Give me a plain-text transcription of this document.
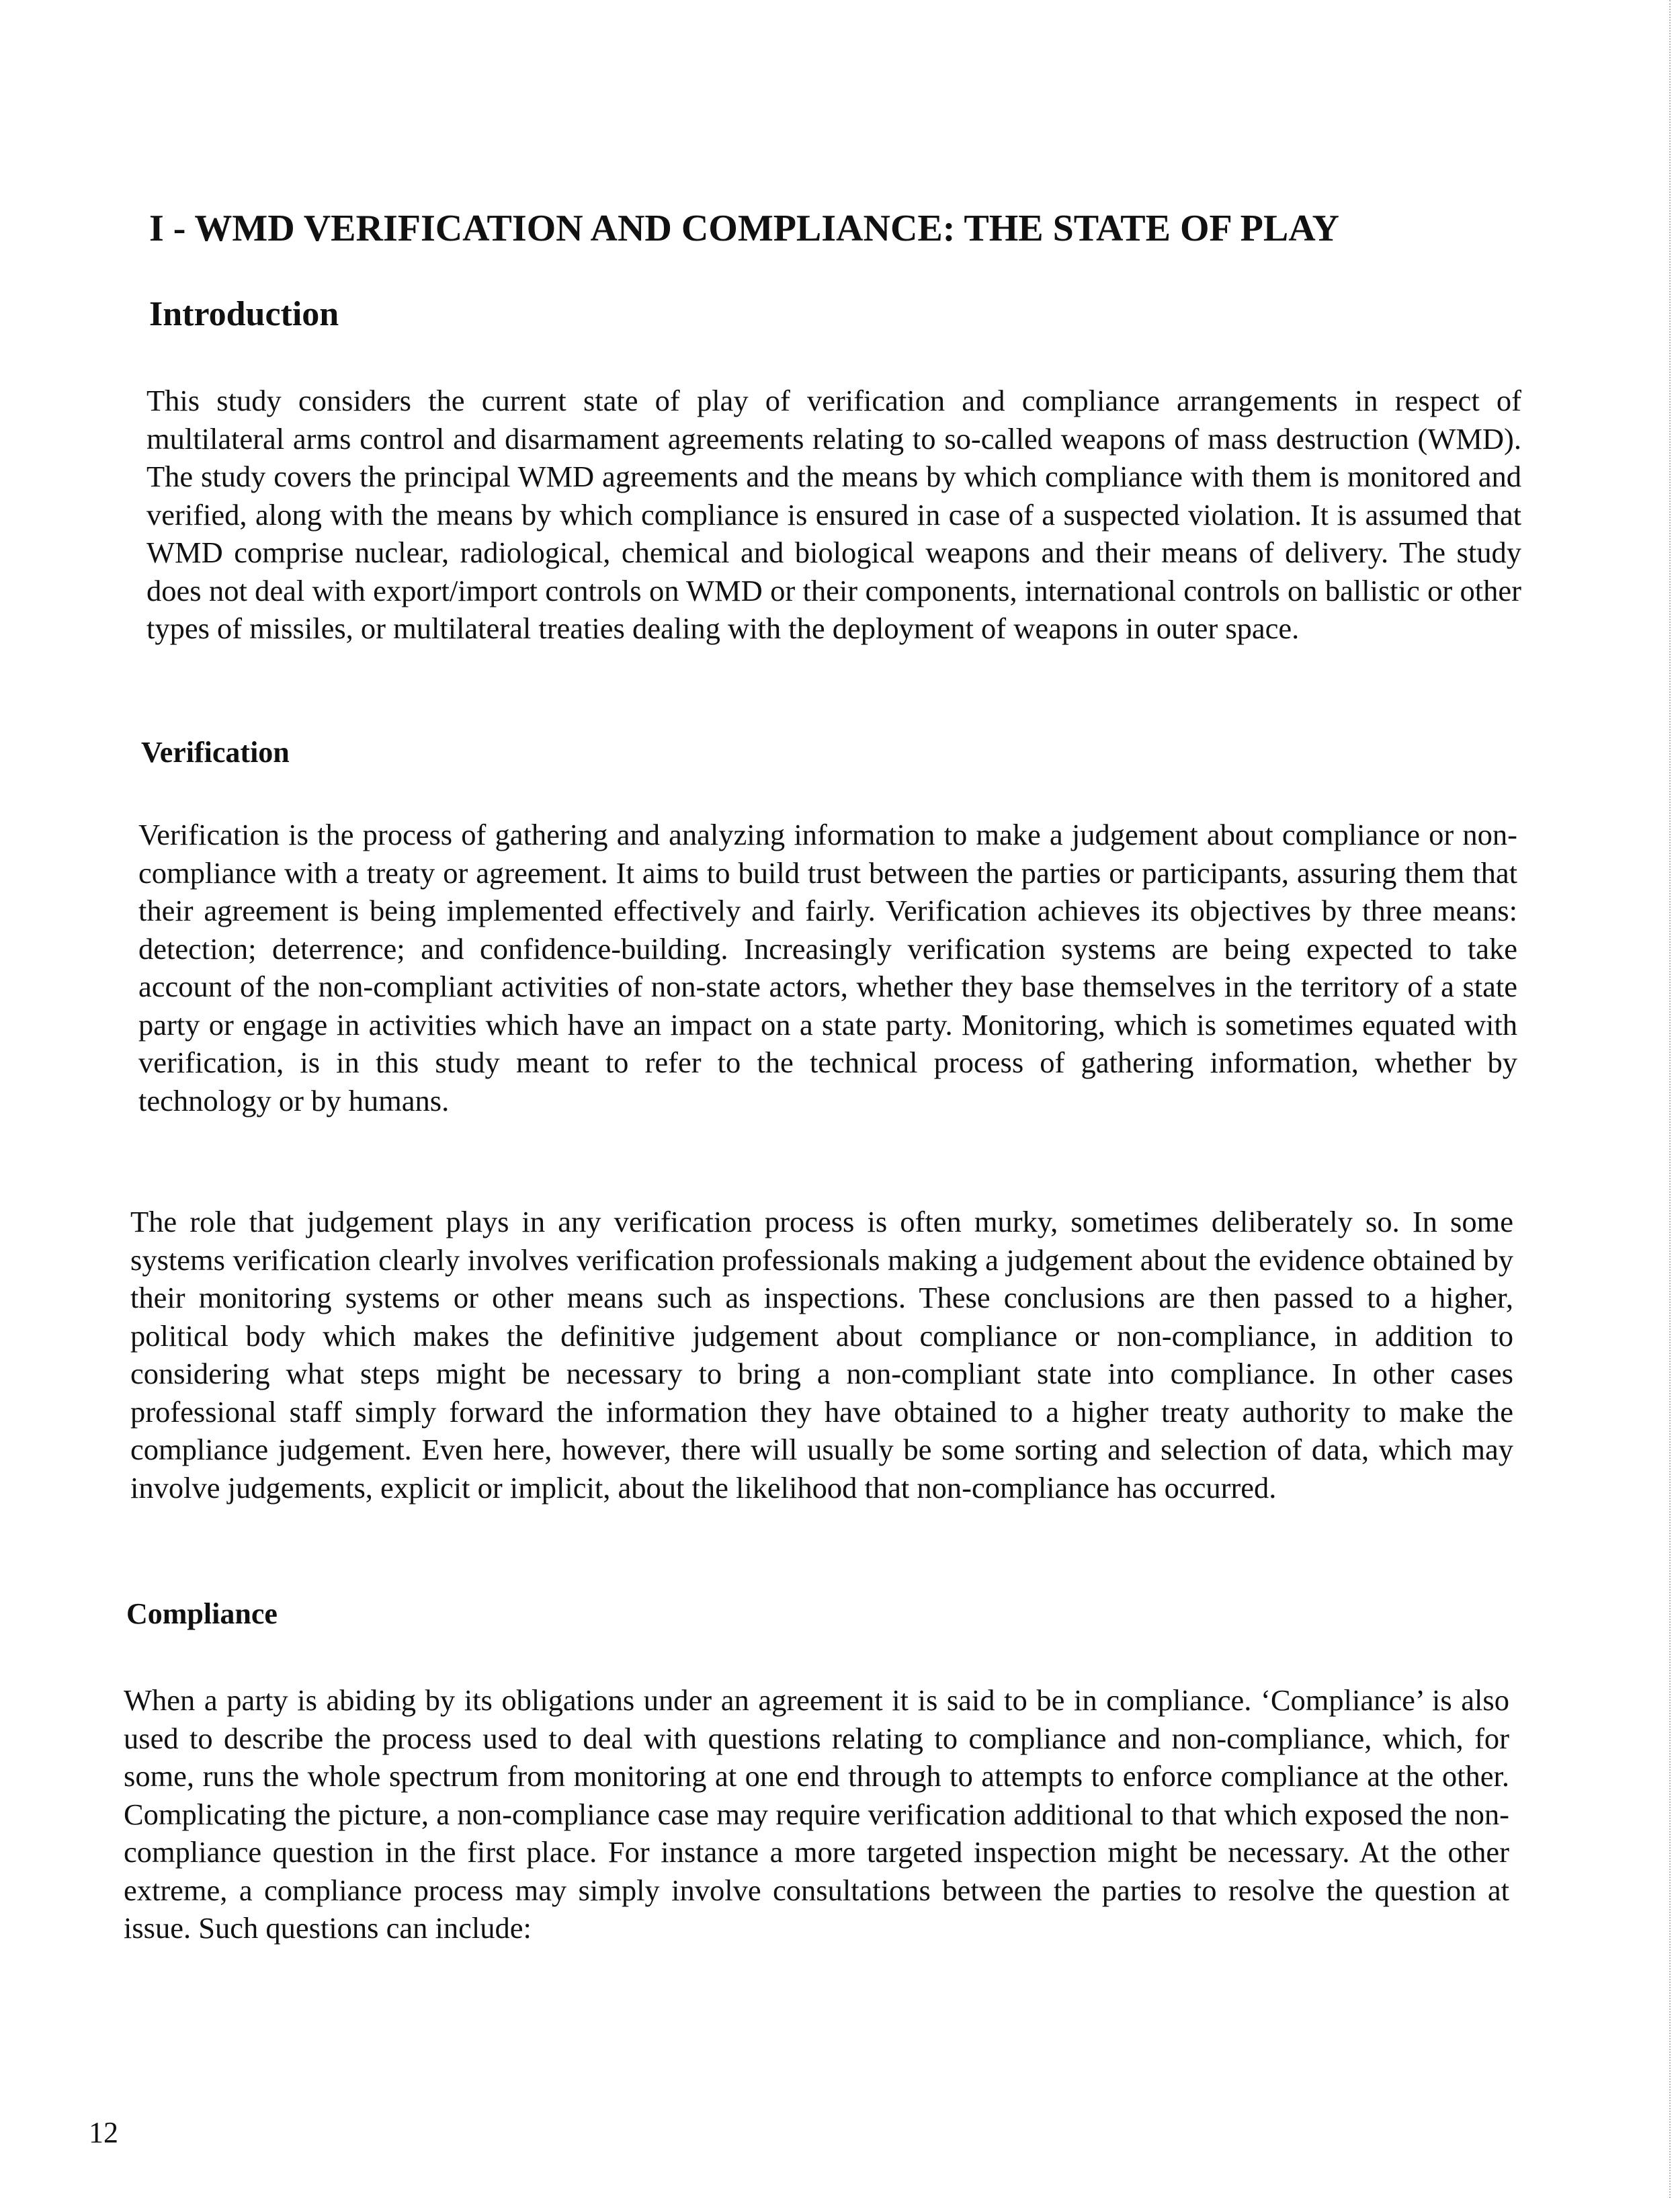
I - WMD VERIFICATION AND COMPLIANCE: THE STATE OF PLAY
Introduction

This study considers the current state of play of verification and compliance arrangements in respect of multilateral arms control and disarmament agreements relating to so-called weapons of mass destruction (WMD). The study covers the principal WMD agreements and the means by which compliance with them is monitored and verified, along with the means by which compliance is ensured in case of a suspected violation. It is assumed that WMD comprise nuclear, radiological, chemical and biological weapons and their means of delivery. The study does not deal with export/import controls on WMD or their components, international controls on ballistic or other types of missiles, or multilateral treaties dealing with the deployment of weapons in outer space.

Verification

Verification is the process of gathering and analyzing information to make a judgement about compliance or non-compliance with a treaty or agreement. It aims to build trust between the parties or participants, assuring them that their agreement is being implemented effectively and fairly. Verification achieves its objectives by three means: detection; deterrence; and confidence-building. Increasingly verification systems are being expected to take account of the non-compliant activities of non-state actors, whether they base themselves in the territory of a state party or engage in activities which have an impact on a state party. Monitoring, which is sometimes equated with verification, is in this study meant to refer to the technical process of gathering information, whether by technology or by humans.

The role that judgement plays in any verification process is often murky, sometimes deliberately so. In some systems verification clearly involves verification professionals making a judgement about the evidence obtained by their monitoring systems or other means such as inspections. These conclusions are then passed to a higher, political body which makes the definitive judgement about compliance or non-compliance, in addition to considering what steps might be necessary to bring a non-compliant state into compliance. In other cases professional staff simply forward the information they have obtained to a higher treaty authority to make the compliance judgement. Even here, however, there will usually be some sorting and selection of data, which may involve judgements, explicit or implicit, about the likelihood that non-compliance has occurred.

Compliance

When a party is abiding by its obligations under an agreement it is said to be in compliance. ‘Compliance’ is also used to describe the process used to deal with questions relating to compliance and non-compliance, which, for some, runs the whole spectrum from monitoring at one end through to attempts to enforce compliance at the other. Complicating the picture, a non-compliance case may require verification additional to that which exposed the non-compliance question in the first place. For instance a more targeted inspection might be necessary. At the other extreme, a compliance process may simply involve consultations between the parties to resolve the question at issue. Such questions can include:

12
